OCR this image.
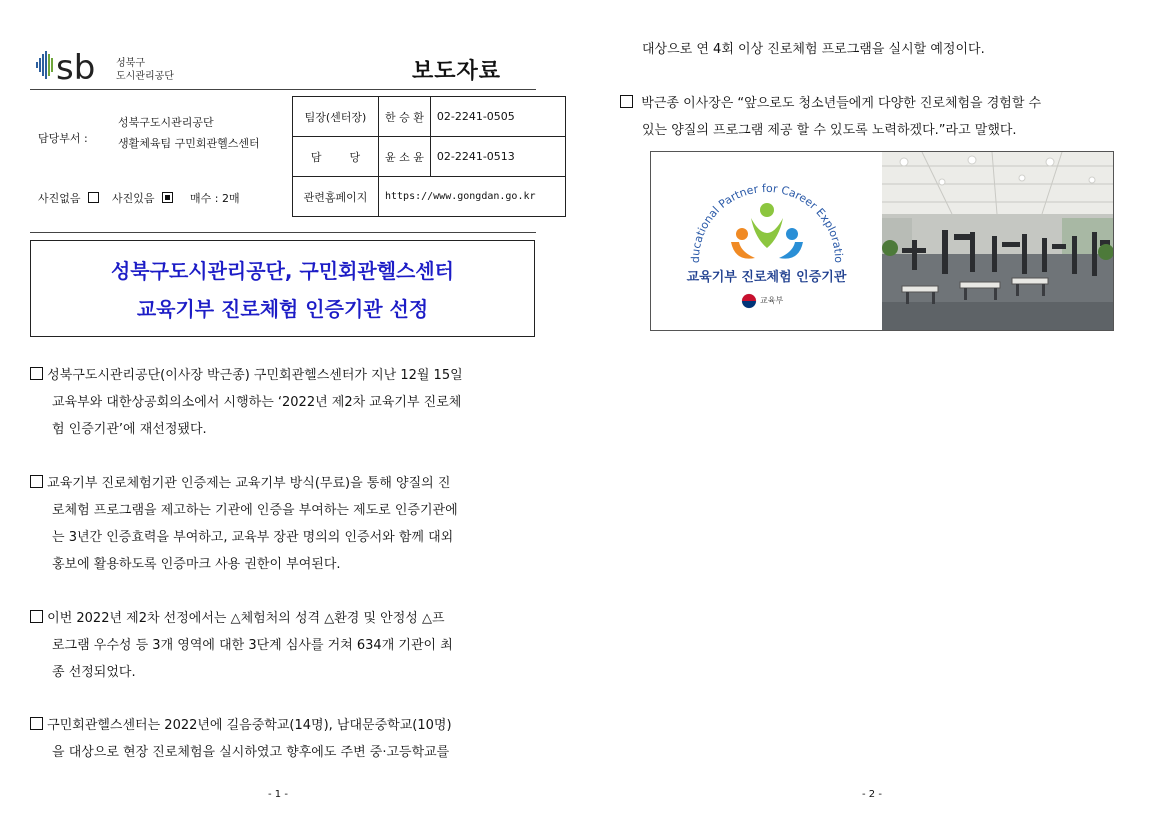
sb 성북구
도시관리공단	보도자료
담당부서 :
성북구도시관리공단
생활체육팀 구민회관헬스센터
팀장(센터장)	한 승 환	02-2241-0505
담        당	윤 소 윤	02-2241-0513
관련홈페이지	https://www.gongdan.go.kr	
사진없음	사진있음	매수 : 2매
성북구도시관리공단, 구민회관헬스센터
교육기부 진로체험 인증기관 선정
성북구도시관리공단(이사장 박근종) 구민회관헬스센터가 지난 12월 15일
교육부와 대한상공회의소에서 시행하는 ‘2022년 제2차 교육기부 진로체
험 인증기관’에 재선정됐다.
교육기부 진로체험기관 인증제는 교육기부 방식(무료)을 통해 양질의 진
로체험 프로그램을 제고하는 기관에 인증을 부여하는 제도로 인증기관에
는 3년간 인증효력을 부여하고, 교육부 장관 명의의 인증서와 함께 대외
홍보에 활용하도록 인증마크 사용 권한이 부여된다.
이번 2022년 제2차 선정에서는 △체험처의 성격 △환경 및 안정성 △프
로그램 우수성 등 3개 영역에 대한 3단계 심사를 거쳐 634개 기관이 최
종 선정되었다.
구민회관헬스센터는 2022년에 길음중학교(14명), 남대문중학교(10명)
을 대상으로 현장 진로체험을 실시하였고 향후에도 주변 중·고등학교를
- 1 -
대상으로 연 4회 이상 진로체험 프로그램을 실시할 예정이다.
박근종 이사장은 “앞으로도 청소년들에게 다양한 진로체험을 경험할 수
있는 양질의 프로그램 제공 할 수 있도록 노력하겠다.”라고 말했다.
ducational Partner for Career Exploratio
교육기부 진로체험 인증기관
교육부
- 2 -
